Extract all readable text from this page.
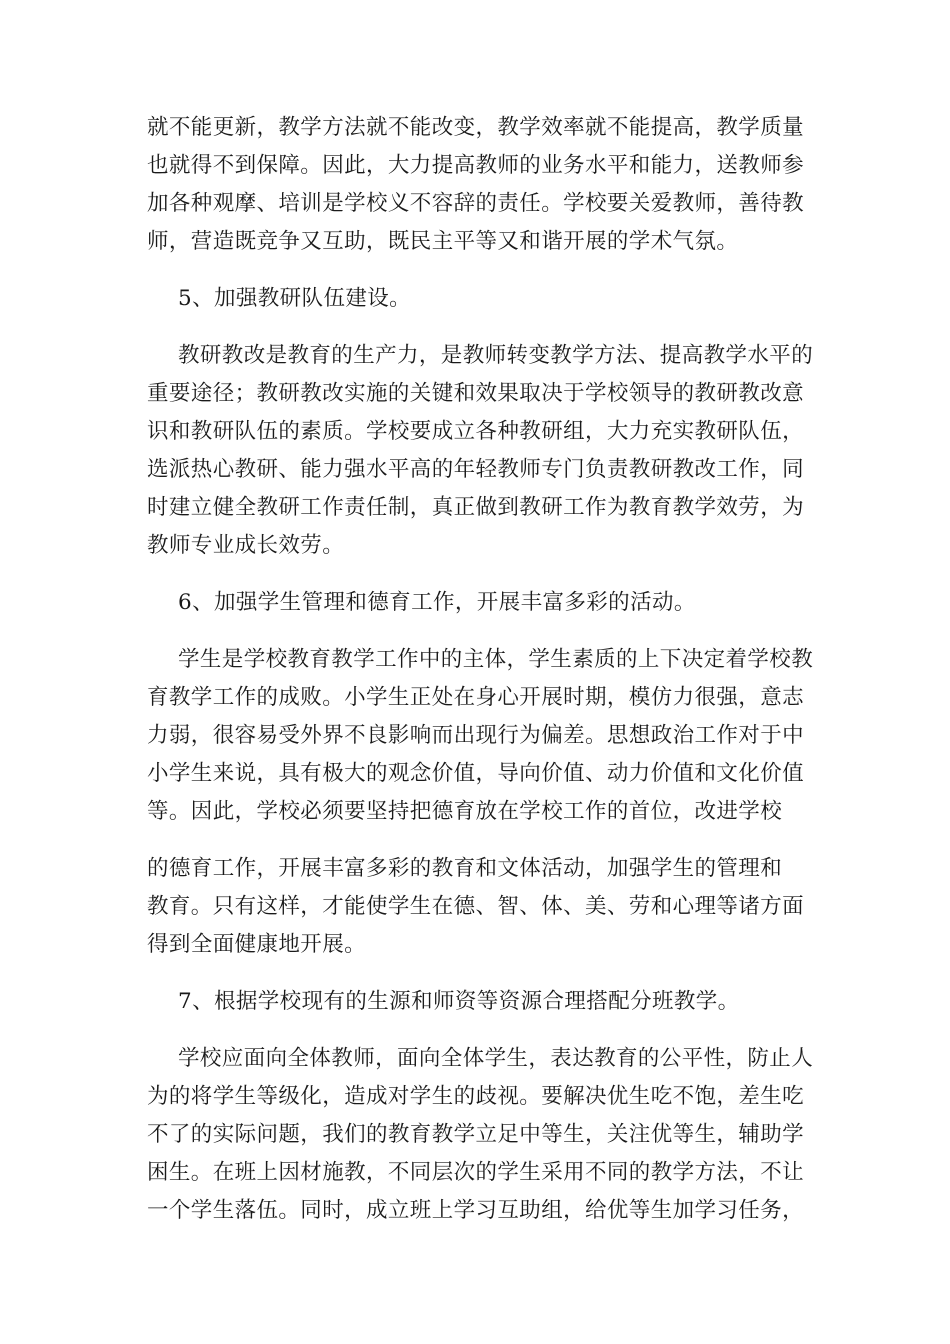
就不能更新，教学方法就不能改变，教学效率就不能提高，教学质量
也就得不到保障。因此，大力提高教师的业务水平和能力，送教师参
加各种观摩、培训是学校义不容辞的责任。学校要关爱教师，善待教
师，营造既竞争又互助，既民主平等又和谐开展的学术气氛。
5、加强教研队伍建设。
教研教改是教育的生产力，是教师转变教学方法、提高教学水平的
重要途径；教研教改实施的关键和效果取决于学校领导的教研教改意
识和教研队伍的素质。学校要成立各种教研组，大力充实教研队伍，
选派热心教研、能力强水平高的年轻教师专门负责教研教改工作，同
时建立健全教研工作责任制，真正做到教研工作为教育教学效劳，为
教师专业成长效劳。
6、加强学生管理和德育工作，开展丰富多彩的活动。
学生是学校教育教学工作中的主体，学生素质的上下决定着学校教
育教学工作的成败。小学生正处在身心开展时期，模仿力很强，意志
力弱，很容易受外界不良影响而出现行为偏差。思想政治工作对于中
小学生来说，具有极大的观念价值，导向价值、动力价值和文化价值
等。因此，学校必须要坚持把德育放在学校工作的首位，改进学校
的德育工作，开展丰富多彩的教育和文体活动，加强学生的管理和
教育。只有这样，才能使学生在德、智、体、美、劳和心理等诸方面
得到全面健康地开展。
7、根据学校现有的生源和师资等资源合理搭配分班教学。
学校应面向全体教师，面向全体学生，表达教育的公平性，防止人
为的将学生等级化，造成对学生的歧视。要解决优生吃不饱，差生吃
不了的实际问题，我们的教育教学立足中等生，关注优等生，辅助学
困生。在班上因材施教，不同层次的学生采用不同的教学方法，不让
一个学生落伍。同时，成立班上学习互助组，给优等生加学习任务，
